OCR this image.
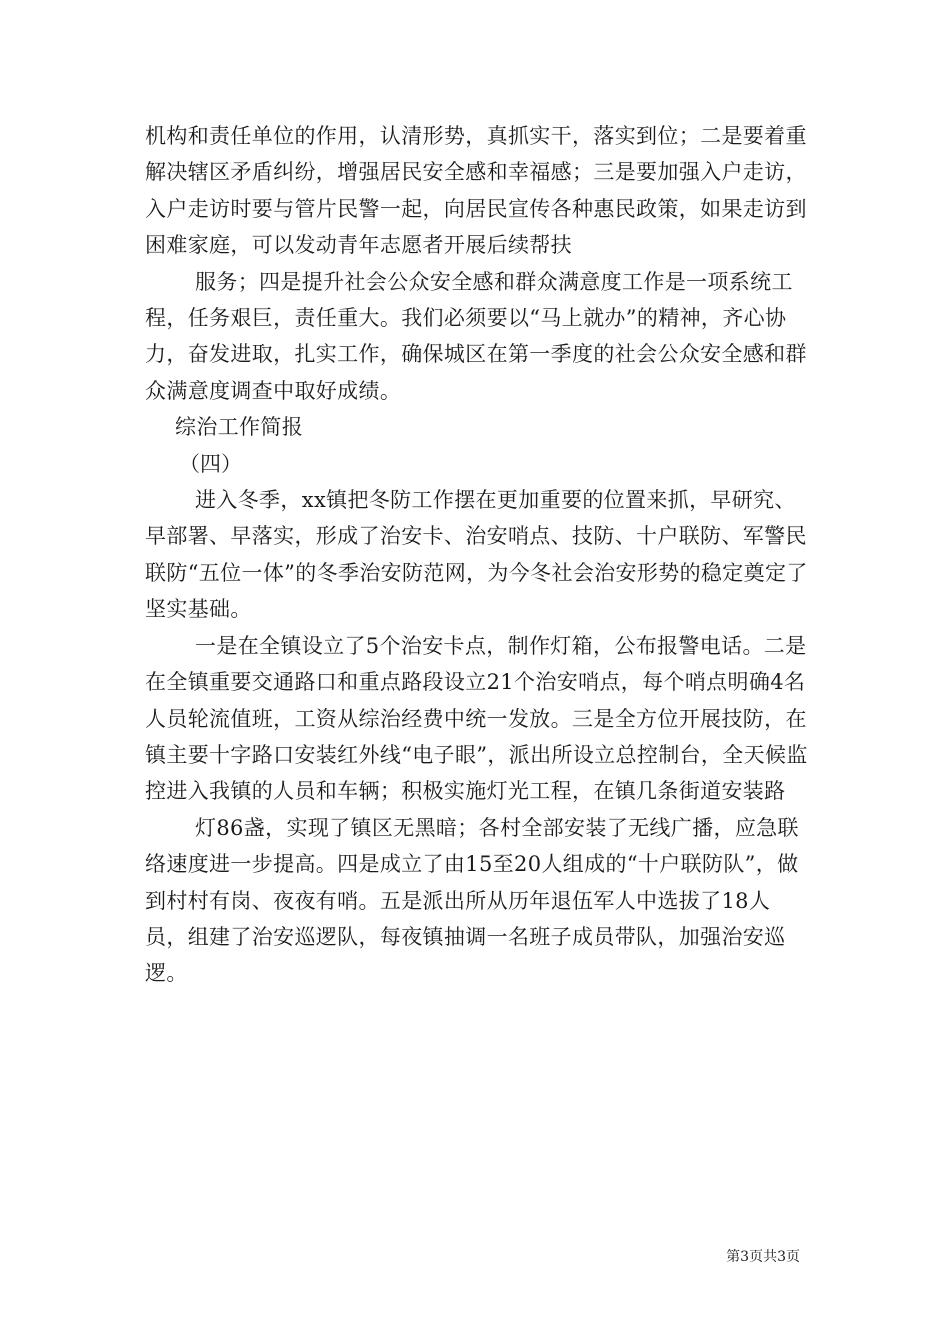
机构和责任单位的作用，认清形势，真抓实干，落实到位；二是要着重解决辖区矛盾纠纷，增强居民安全感和幸福感；三是要加强入户走访，入户走访时要与管片民警一起，向居民宣传各种惠民政策，如果走访到困难家庭，可以发动青年志愿者开展后续帮扶

服务；四是提升社会公众安全感和群众满意度工作是一项系统工程，任务艰巨，责任重大。我们必须要以“马上就办”的精神，齐心协力，奋发进取，扎实工作，确保城区在第一季度的社会公众安全感和群众满意度调查中取好成绩。

综治工作简报

（四）

进入冬季，xx镇把冬防工作摆在更加重要的位置来抓，早研究、早部署、早落实，形成了治安卡、治安哨点、技防、十户联防、军警民联防“五位一体”的冬季治安防范网，为今冬社会治安形势的稳定奠定了坚实基础。

一是在全镇设立了5个治安卡点，制作灯箱，公布报警电话。二是在全镇重要交通路口和重点路段设立21个治安哨点，每个哨点明确4名人员轮流值班，工资从综治经费中统一发放。三是全方位开展技防，在镇主要十字路口安装红外线“电子眼”，派出所设立总控制台，全天候监控进入我镇的人员和车辆；积极实施灯光工程，在镇几条街道安装路

灯86盏，实现了镇区无黑暗；各村全部安装了无线广播，应急联络速度进一步提高。四是成立了由15至20人组成的“十户联防队”，做到村村有岗、夜夜有哨。五是派出所从历年退伍军人中选拔了18人员，组建了治安巡逻队，每夜镇抽调一名班子成员带队，加强治安巡逻。

第3页共3页
